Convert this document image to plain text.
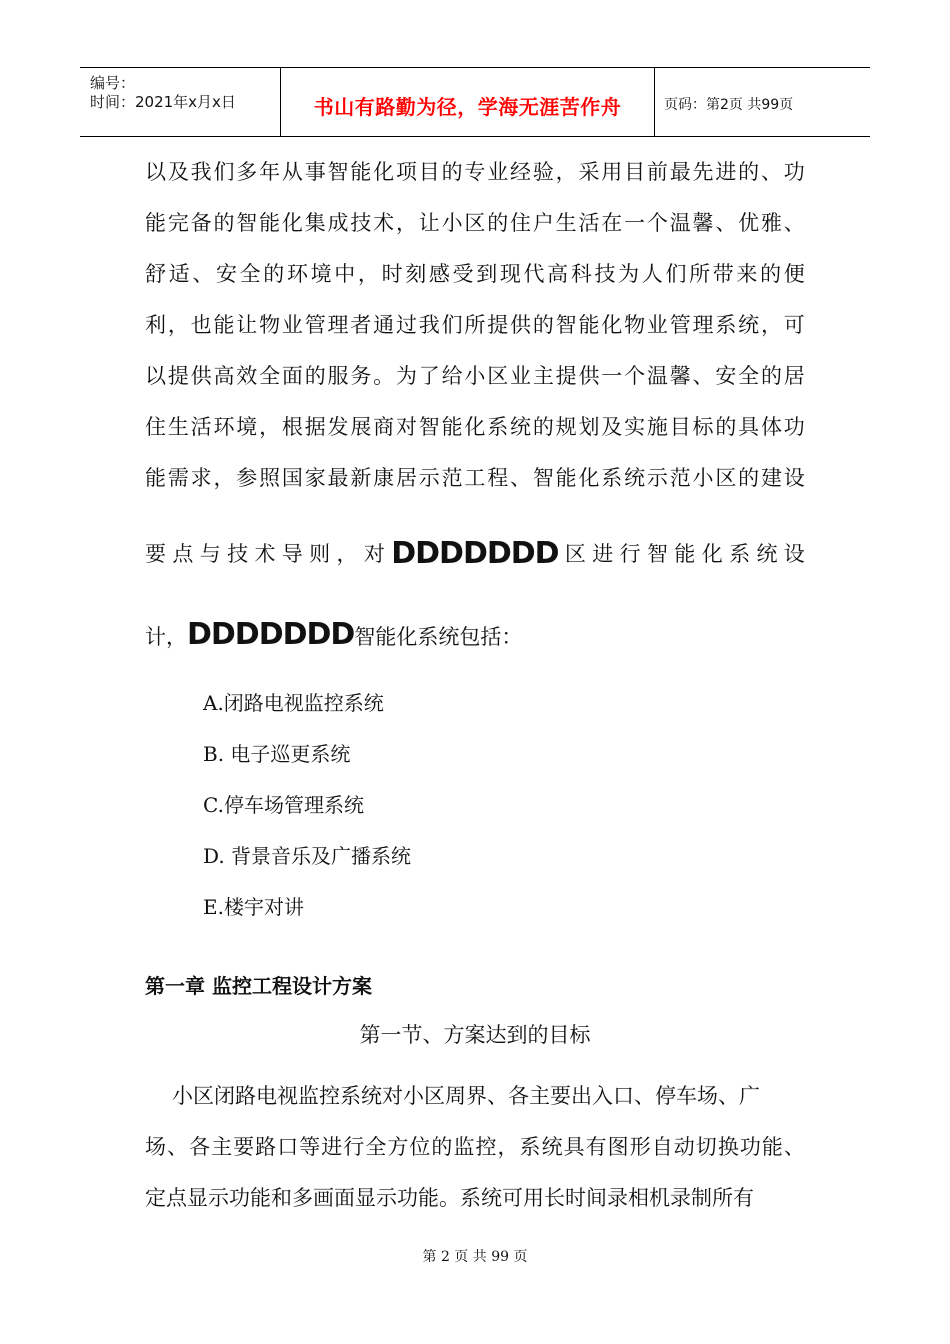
编号：
时间：2021年x月x日	书山有路勤为径，学海无涯苦作舟	页码：第2页 共99页
以 及 我 们 多 年 从 事 智 能 化 项 目 的 专 业 经 验 ， 采 用 目 前 最 先 进 的 、 功
能 完 备 的 智 能 化 集 成 技 术 ， 让 小 区 的 住 户 生 活 在 一 个 温 馨 、 优 雅 、
舒 适 、 安 全 的 环 境 中 ， 时 刻 感 受 到 现 代 高 科 技 为 人 们 所 带 来 的 便
利 ， 也 能 让 物 业 管 理 者 通 过 我 们 所 提 供 的 智 能 化 物 业 管 理 系 统 ， 可
以 提 供 高 效 全 面 的 服 务 。 为 了 给 小 区 业 主 提 供 一 个 温 馨 、 安 全 的 居
住 生 活 环 境 ， 根 据 发 展 商 对 智 能 化 系 统 的 规 划 及 实 施 目 标 的 具 体 功
能 需 求 ， 参 照 国 家 最 新 康 居 示 范 工 程 、 智 能 化 系 统 示 范 小 区 的 建 设
要 点 与 技 术 导 则 ， 对 DDDDDDD 区 进 行 智 能 化 系 统 设
计，DDDDDDD智能化系统包括：
A.闭路电视监控系统
B. 电子巡更系统
C.停车场管理系统
D. 背景音乐及广播系统
E.楼宇对讲
第一章 监控工程设计方案
第一节、方案达到的目标
小区闭路电视监控系统对小区周界、各主要出入口、停车场、广
场 、 各 主 要 路 口 等 进 行 全 方 位 的 监 控 ， 系 统 具 有 图 形 自 动 切 换 功 能 、
定点显示功能和多画面显示功能。系统可用长时间录相机录制所有
第 2 页 共 99 页
